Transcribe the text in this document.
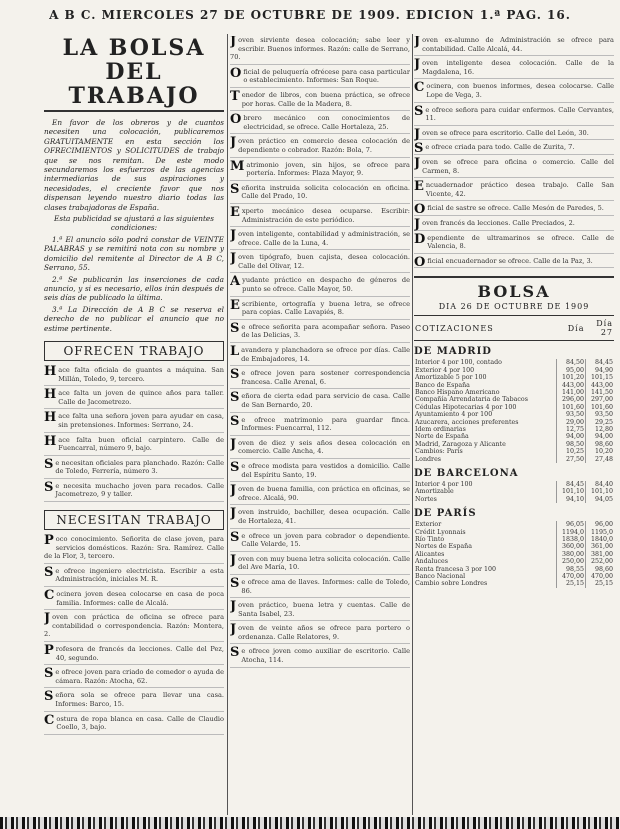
A B C. MIERCOLES 27 DE OCTUBRE DE 1909. EDICION 1.ª PAG. 16.
LA BOLSA
DEL TRABAJO

En favor de los obreros y de cuantos necesiten una colocación, publicaremos GRATUITAMENTE en esta sección los OFRECIMIENTOS y SOLICITUDES de trabajo que se nos remitan. De este modo secundaremos los esfuerzos de las agencias intermediarias de sus aspiraciones y necesidades, el creciente favor que nos dispensan leyendo nuestro diario todas las clases trabajadoras de España.

Esta publicidad se ajustará a las siguientes condiciones:

1.ª El anuncio sólo podrá constar de VEINTE PALABRAS y se remitirá nota con su nombre y domicilio del remitente al Director de A B C, Serrano, 55.

2.ª Se publicarán las inserciones de cada anuncio, y si es necesario, ellos irán después de seis días de publicado la última.

3.ª La Dirección de A B C se reserva el derecho de no publicar el anuncio que no estime pertinente.

OFRECEN TRABAJO

Hace falta oficiala de guantes a máquina. San Millán, Toledo, 9, tercero.

Hace falta un joven de quince años para taller. Calle de Jacometrezo.

Hace falta una señora joven para ayudar en casa, sin pretensiones. Informes: Serrano, 24.

Hace falta buen oficial carpintero. Calle de Fuencarral, número 9, bajo.

Se necesitan oficiales para planchado. Razón: Calle de Toledo, Ferrería, número 3.

Se necesita muchacho joven para recados. Calle Jacometrezo, 9 y taller.

NECESITAN TRABAJO

Poco conocimiento. Señorita de clase joven, para servicios domésticos. Razón: Sra. Ramírez. Calle de la Flor, 3, tercero.

Se ofrece ingeniero electricista. Escribir a esta Administración, iniciales M. R.

Cocinera joven desea colocarse en casa de poca familia. Informes: calle de Alcalá.

Joven con práctica de oficina se ofrece para contabilidad o correspondencia. Razón: Montera, 2.

Profesora de francés da lecciones. Calle del Pez, 40, segundo.

Se ofrece joven para criado de comedor o ayuda de cámara. Razón: Atocha, 62.

Señora sola se ofrece para llevar una casa. Informes: Barco, 15.

Costura de ropa blanca en casa. Calle de Claudio Coello, 3, bajo.

Joven sirviente desea colocación; sabe leer y escribir. Buenos informes. Razón: calle de Serrano, 70.

Oficial de peluquería ofrécese para casa particular o establecimiento. Informes: San Roque.

Tenedor de libros, con buena práctica, se ofrece por horas. Calle de la Madera, 8.

Obrero mecánico con conocimientos de electricidad, se ofrece. Calle Hortaleza, 25.

Joven práctico en comercio desea colocación de dependiente o cobrador. Razón: Bola, 7.

Matrimonio joven, sin hijos, se ofrece para portería. Informes: Plaza Mayor, 9.

Señorita instruida solicita colocación en oficina. Calle del Prado, 10.

Experto mecánico desea ocuparse. Escribir: Administración de este periódico.

Joven inteligente, contabilidad y administración, se ofrece. Calle de la Luna, 4.

Joven tipógrafo, buen cajista, desea colocación. Calle del Olivar, 12.

Ayudante práctico en despacho de géneros de punto se ofrece. Calle Mayor, 50.

Escribiente, ortografía y buena letra, se ofrece para copias. Calle Lavapiés, 8.

Se ofrece señorita para acompañar señora. Paseo de las Delicias, 3.

Lavandera y planchadora se ofrece por días. Calle de Embajadores, 14.

Se ofrece joven para sostener correspondencia francesa. Calle Arenal, 6.

Señora de cierta edad para servicio de casa. Calle de San Bernardo, 20.

Se ofrece matrimonio para guardar finca. Informes: Fuencarral, 112.

Joven de diez y seis años desea colocación en comercio. Calle Ancha, 4.

Se ofrece modista para vestidos a domicilio. Calle del Espíritu Santo, 19.

Joven de buena familia, con práctica en oficinas, se ofrece. Alcalá, 90.

Joven instruido, bachiller, desea ocupación. Calle de Hortaleza, 41.

Se ofrece un joven para cobrador o dependiente. Calle Velarde, 15.

Joven con muy buena letra solicita colocación. Calle del Ave María, 10.

Se ofrece ama de llaves. Informes: calle de Toledo, 86.

Joven práctico, buena letra y cuentas. Calle de Santa Isabel, 23.

Joven de veinte años se ofrece para portero o ordenanza. Calle Relatores, 9.

Se ofrece joven como auxiliar de escritorio. Calle Atocha, 114.

Joven ex-alumno de Administración se ofrece para contabilidad. Calle Alcalá, 44.

Joven inteligente desea colocación. Calle de la Magdalena, 16.

Cocinera, con buenos informes, desea colocarse. Calle Lope de Vega, 3.

Se ofrece señora para cuidar enfermos. Calle Cervantes, 11.

Joven se ofrece para escritorio. Calle del León, 30.

Se ofrece criada para todo. Calle de Zurita, 7.

Joven se ofrece para oficina o comercio. Calle del Carmen, 8.

Encuadernador práctico desea trabajo. Calle San Vicente, 42.

Oficial de sastre se ofrece. Calle Mesón de Paredes, 5.

Joven francés da lecciones. Calle Preciados, 2.

Dependiente de ultramarinos se ofrece. Calle de Valencia, 8.

Oficial encuadernador se ofrece. Calle de la Paz, 3.

BOLSA
DIA 26 DE OCTUBRE DE 1909
COTIZACIONES	Día	Día 27
DE MADRID		
Interior 4 por 100, contado	84,50	84,45
Exterior 4 por 100	95,00	94,90
Amortizable 5 por 100	101,20	101,15
Banco de España	443,00	443,00
Banco Hispano Americano	141,00	141,50
Compañía Arrendataria de Tabacos	296,00	297,00
Cédulas Hipotecarias 4 por 100	101,60	101,60
Ayuntamiento 4 por 100	93,50	93,50
Azucarera, acciones preferentes	29,00	29,25
Idem ordinarias	12,75	12,80
Norte de España	94,00	94,00
Madrid, Zaragoza y Alicante	98,50	98,60
Cambios: París	10,25	10,20
Londres	27,50	27,48
DE BARCELONA		
Interior 4 por 100	84,45	84,40
Amortizable	101,10	101,10
Nortes	94,10	94,05
DE PARÍS		
Exterior	96,05	96,00
Crédit Lyonnais	1194,0	1195,0
Río Tinto	1838,0	1840,0
Nortes de España	360,00	361,00
Alicantes	380,00	381,00
Andaluces	250,00	252,00
Renta francesa 3 por 100	98,55	98,60
Banco Nacional	470,00	470,00
Cambio sobre Londres	25,15	25,15
